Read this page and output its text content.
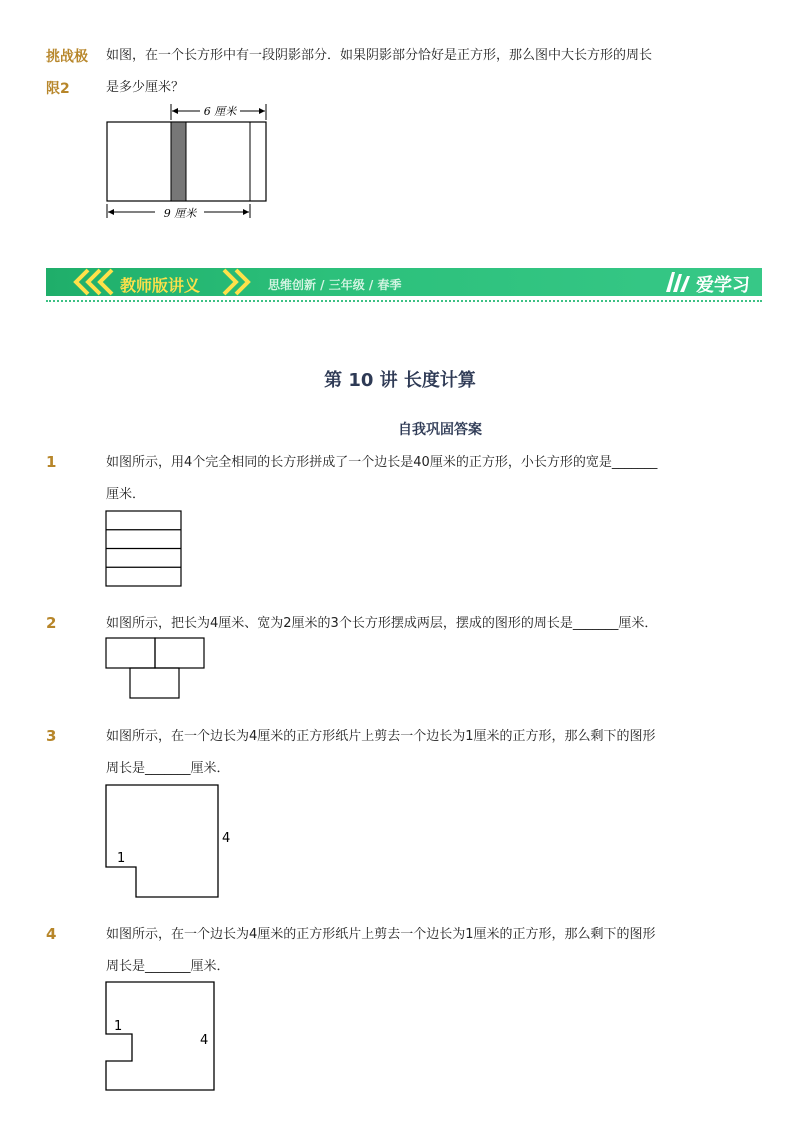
挑战极
限2
如图，在一个长方形中有一段阴影部分．如果阴影部分恰好是正方形，那么图中大长方形的周长
是多少厘米？
6 厘米
9 厘米
教师版讲义	思维创新 / 三年级 / 春季	爱学习
第 10 讲 长度计算
自我巩固答案
1	如图所示，用4个完全相同的长方形拼成了一个边长是40厘米的正方形，小长方形的宽是_______
厘米．
2	如图所示，把长为4厘米、宽为2厘米的3个长方形摆成两层，摆成的图形的周长是_______厘米．
3	如图所示，在一个边长为4厘米的正方形纸片上剪去一个边长为1厘米的正方形，那么剩下的图形
周长是_______厘米．
4
1
4	如图所示，在一个边长为4厘米的正方形纸片上剪去一个边长为1厘米的正方形，那么剩下的图形
周长是_______厘米．
4
1
